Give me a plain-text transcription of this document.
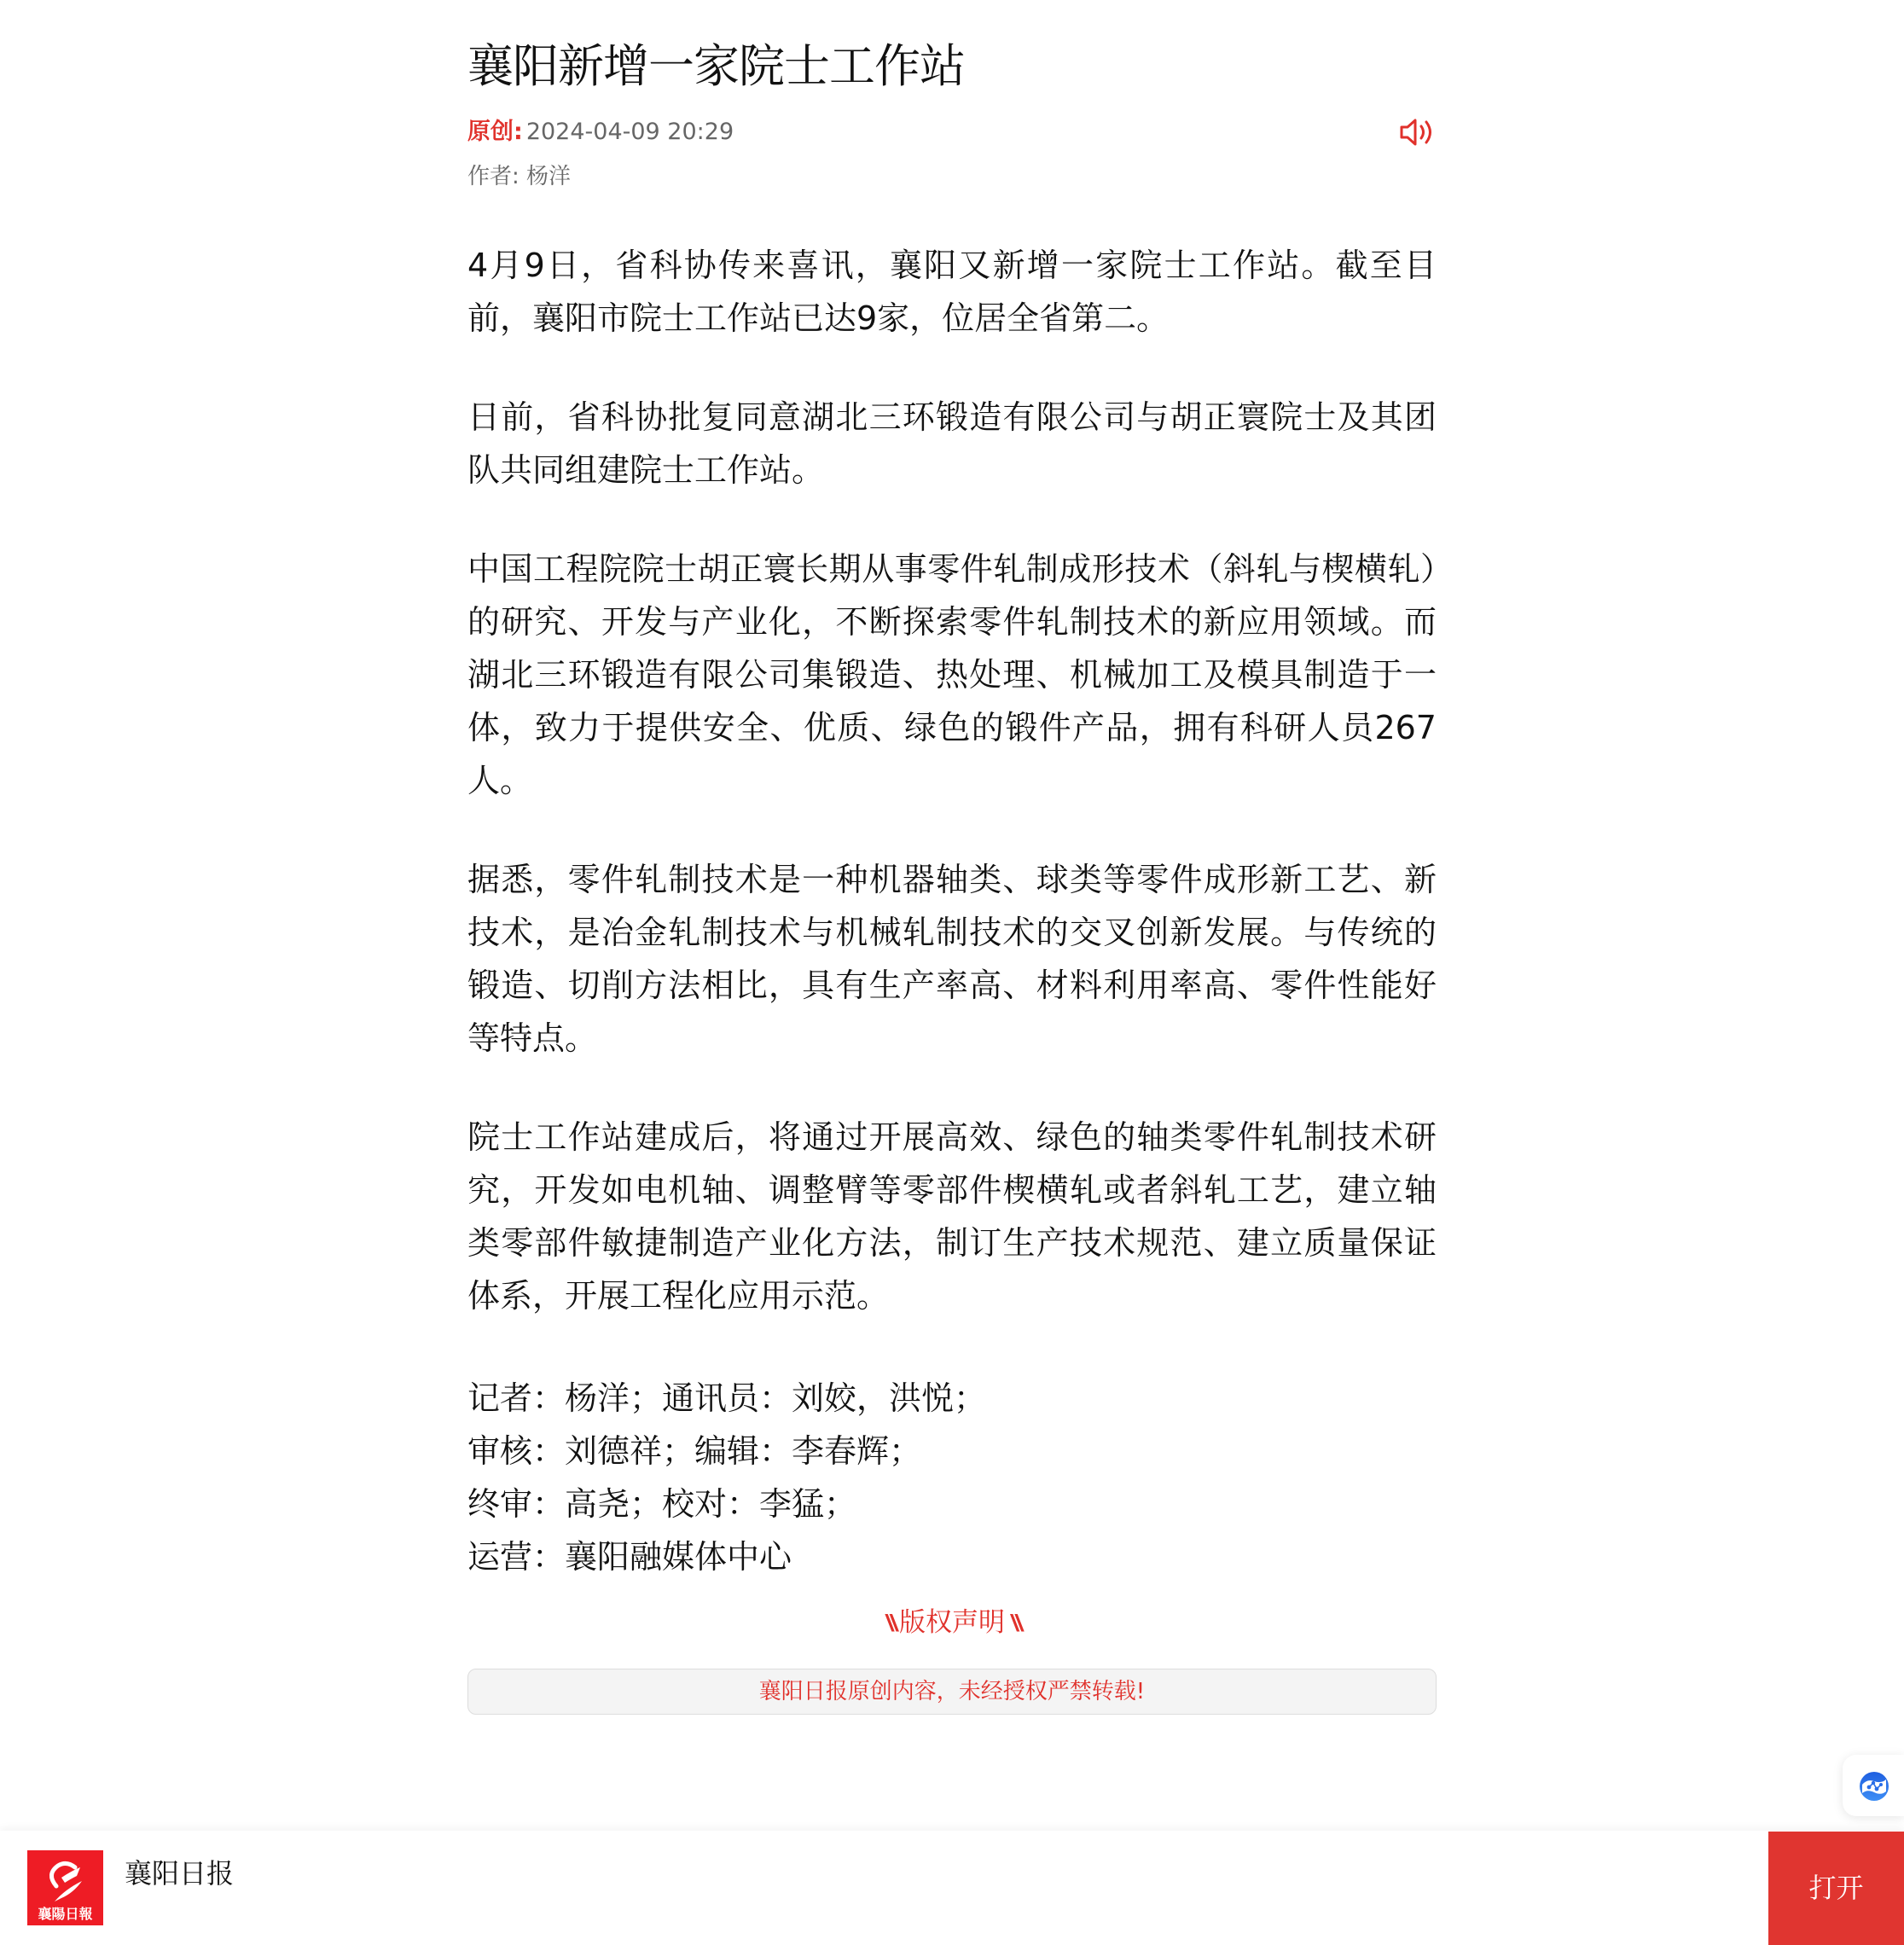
襄阳新增一家院士工作站
原创: 2024-04-09 20:29
作者: 杨洋

4月9日，省科协传来喜讯，襄阳又新增一家院士工作站。截至目前，襄阳市院士工作站已达9家，位居全省第二。

日前，省科协批复同意湖北三环锻造有限公司与胡正寰院士及其团队共同组建院士工作站。

中国工程院院士胡正寰长期从事零件轧制成形技术（斜轧与楔横轧）的研究、开发与产业化，不断探索零件轧制技术的新应用领域。而湖北三环锻造有限公司集锻造、热处理、机械加工及模具制造于一体，致力于提供安全、优质、绿色的锻件产品，拥有科研人员267人。

据悉，零件轧制技术是一种机器轴类、球类等零件成形新工艺、新技术，是冶金轧制技术与机械轧制技术的交叉创新发展。与传统的锻造、切削方法相比，具有生产率高、材料利用率高、零件性能好等特点。

院士工作站建成后，将通过开展高效、绿色的轴类零件轧制技术研究，开发如电机轴、调整臂等零部件楔横轧或者斜轧工艺，建立轴类零部件敏捷制造产业化方法，制订生产技术规范、建立质量保证体系，开展工程化应用示范。

记者：杨洋；通讯员：刘姣，洪悦；
审核：刘德祥；编辑：李春辉；
终审：高尧；校对：李猛；
运营：襄阳融媒体中心
\\ 版权声明 \\
襄阳日报原创内容，未经授权严禁转载!
襄陽日報
襄阳日报	打开
